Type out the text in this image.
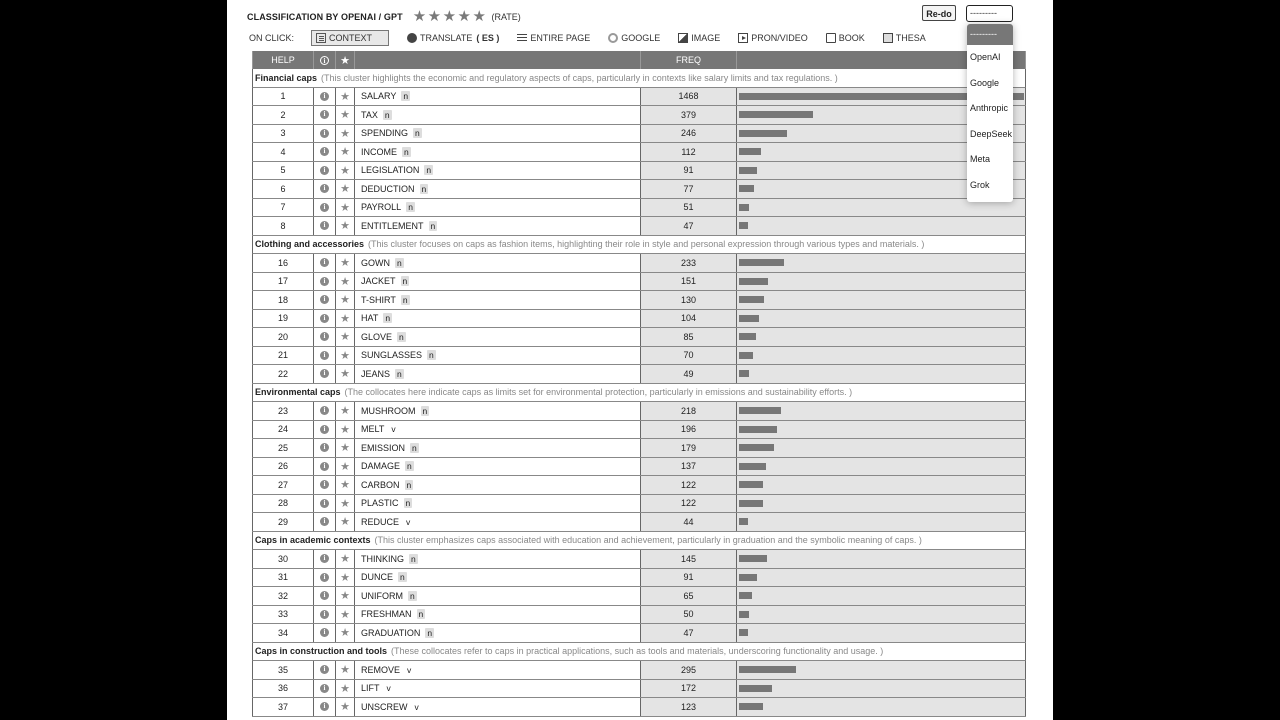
CLASSIFICATION BY OPENAI / GPT ★ ★ ★ ★ ★ (RATE)	Re-do	---------
ON CLICK:	CONTEXT	TRANSLATE ( ES )	ENTIRE PAGE	GOOGLE	IMAGE	PRON/VIDEO	BOOK	THESA
HELP	i	★	FREQ
Financial caps (This cluster highlights the economic and regulatory aspects of caps, particularly in contexts like salary limits and tax regulations. )
1	i	★ SALARY n	1468
2	i	★ TAX n	379
3	i	★ SPENDING n	246
4	i	★ INCOME n	112
5	i	★ LEGISLATION n	91
6	i	★ DEDUCTION n	77
7	i	★ PAYROLL n	51
8	i	★ ENTITLEMENT n	47
Clothing and accessories (This cluster focuses on caps as fashion items, highlighting their role in style and personal expression through various types and materials. )
16	i	★ GOWN n	233
17	i	★ JACKET n	151
18	i	★ T-SHIRT n	130
19	i	★ HAT n	104
20	i	★ GLOVE n	85
21	i	★ SUNGLASSES n	70
22	i	★ JEANS n	49
Environmental caps (The collocates here indicate caps as limits set for environmental protection, particularly in emissions and sustainability efforts. )
23	i	★ MUSHROOM n	218
24	i	★ MELT v	196
25	i	★ EMISSION n	179
26	i	★ DAMAGE n	137
27	i	★ CARBON n	122
28	i	★ PLASTIC n	122
29	i	★ REDUCE v	44
Caps in academic contexts (This cluster emphasizes caps associated with education and achievement, particularly in graduation and the symbolic meaning of caps. )
30	i	★ THINKING n	145
31	i	★ DUNCE n	91
32	i	★ UNIFORM n	65
33	i	★ FRESHMAN n	50
34	i	★ GRADUATION n	47
Caps in construction and tools (These collocates refer to caps in practical applications, such as tools and materials, underscoring functionality and usage. )
35	i	★ REMOVE v	295
36	i	★ LIFT v	172
37	i	★ UNSCREW v	123
---------
OpenAI
Google
Anthropic
DeepSeek
Meta
Grok
